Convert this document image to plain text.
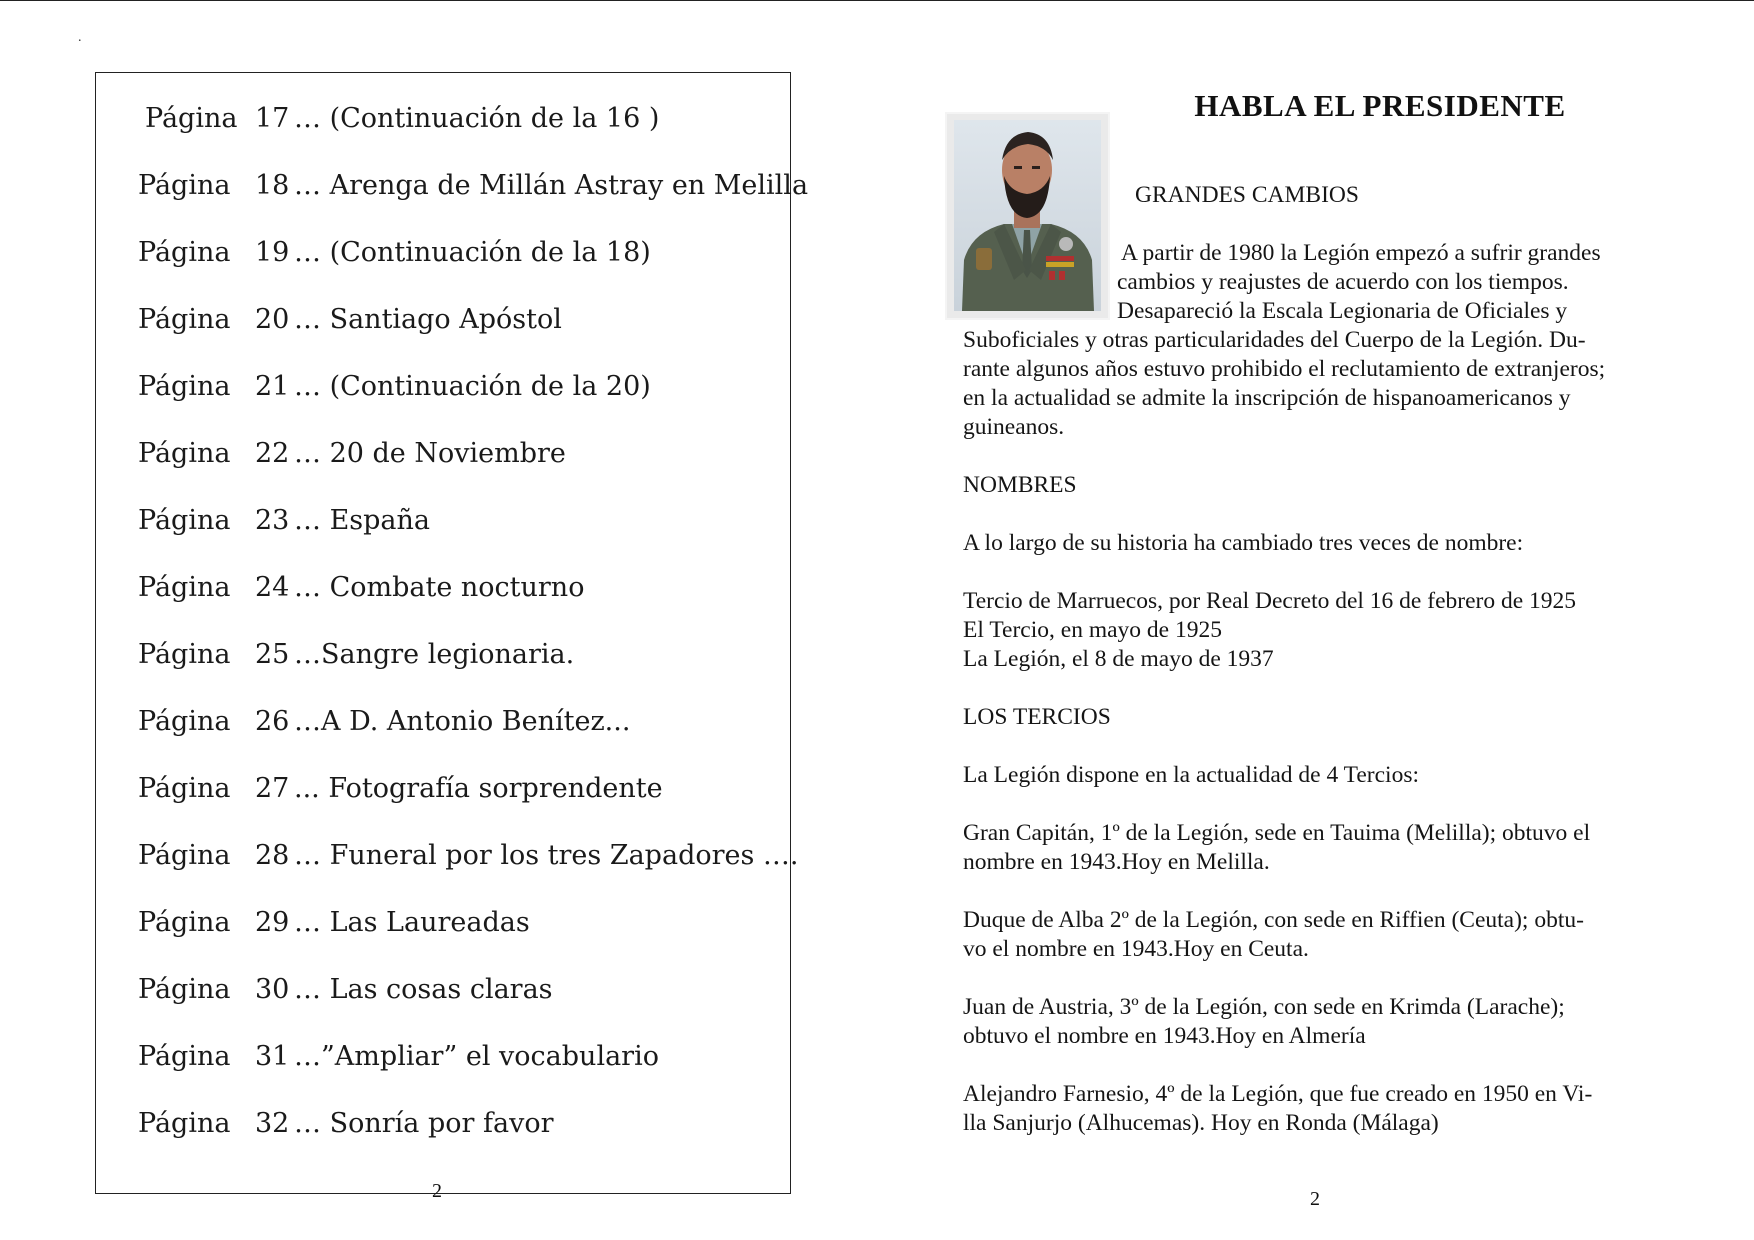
.
Página 17 … (Continuación de la 16 )
Página 18 … Arenga de Millán Astray en Melilla
Página 19 … (Continuación de la 18)
Página 20 … Santiago Apóstol
Página 21 … (Continuación de la 20)
Página 22 … 20 de Noviembre
Página 23 … España
Página 24 … Combate nocturno
Página 25 …Sangre legionaria.
Página 26 …A D. Antonio Benítez...
Página 27 ... Fotografía sorprendente
Página 28 … Funeral por los tres Zapadores ….
Página 29 … Las Laureadas
Página 30 … Las cosas claras
Página 31 …”Ampliar” el vocabulario
Página 32 … Sonría por favor
2
HABLA EL PRESIDENTE
GRANDES CAMBIOS
A partir de 1980 la Legión empezó a sufrir grandes
cambios y reajustes de acuerdo con los tiempos.
Desapareció la Escala Legionaria de Oficiales y
Suboficiales y otras particularidades del Cuerpo de la Legión. Du-
rante algunos años estuvo prohibido el reclutamiento de extranjeros;
en la actualidad se admite la inscripción de hispanoamericanos y
guineanos.
NOMBRES
A lo largo de su historia ha cambiado tres veces de nombre:
Tercio de Marruecos, por Real Decreto del 16 de febrero de 1925
El Tercio, en mayo de 1925
La Legión, el 8 de mayo de 1937
LOS TERCIOS
La Legión dispone en la actualidad de 4 Tercios:
Gran Capitán, 1º de la Legión, sede en Tauima (Melilla); obtuvo el
nombre en 1943.Hoy en Melilla.
Duque de Alba 2º de la Legión, con sede en Riffien (Ceuta); obtu-
vo el nombre en 1943.Hoy en Ceuta.
Juan de Austria, 3º de la Legión, con sede en Krimda (Larache);
obtuvo el nombre en 1943.Hoy en Almería
Alejandro Farnesio, 4º de la Legión, que fue creado en 1950 en Vi-
lla Sanjurjo (Alhucemas). Hoy en Ronda (Málaga)
2
